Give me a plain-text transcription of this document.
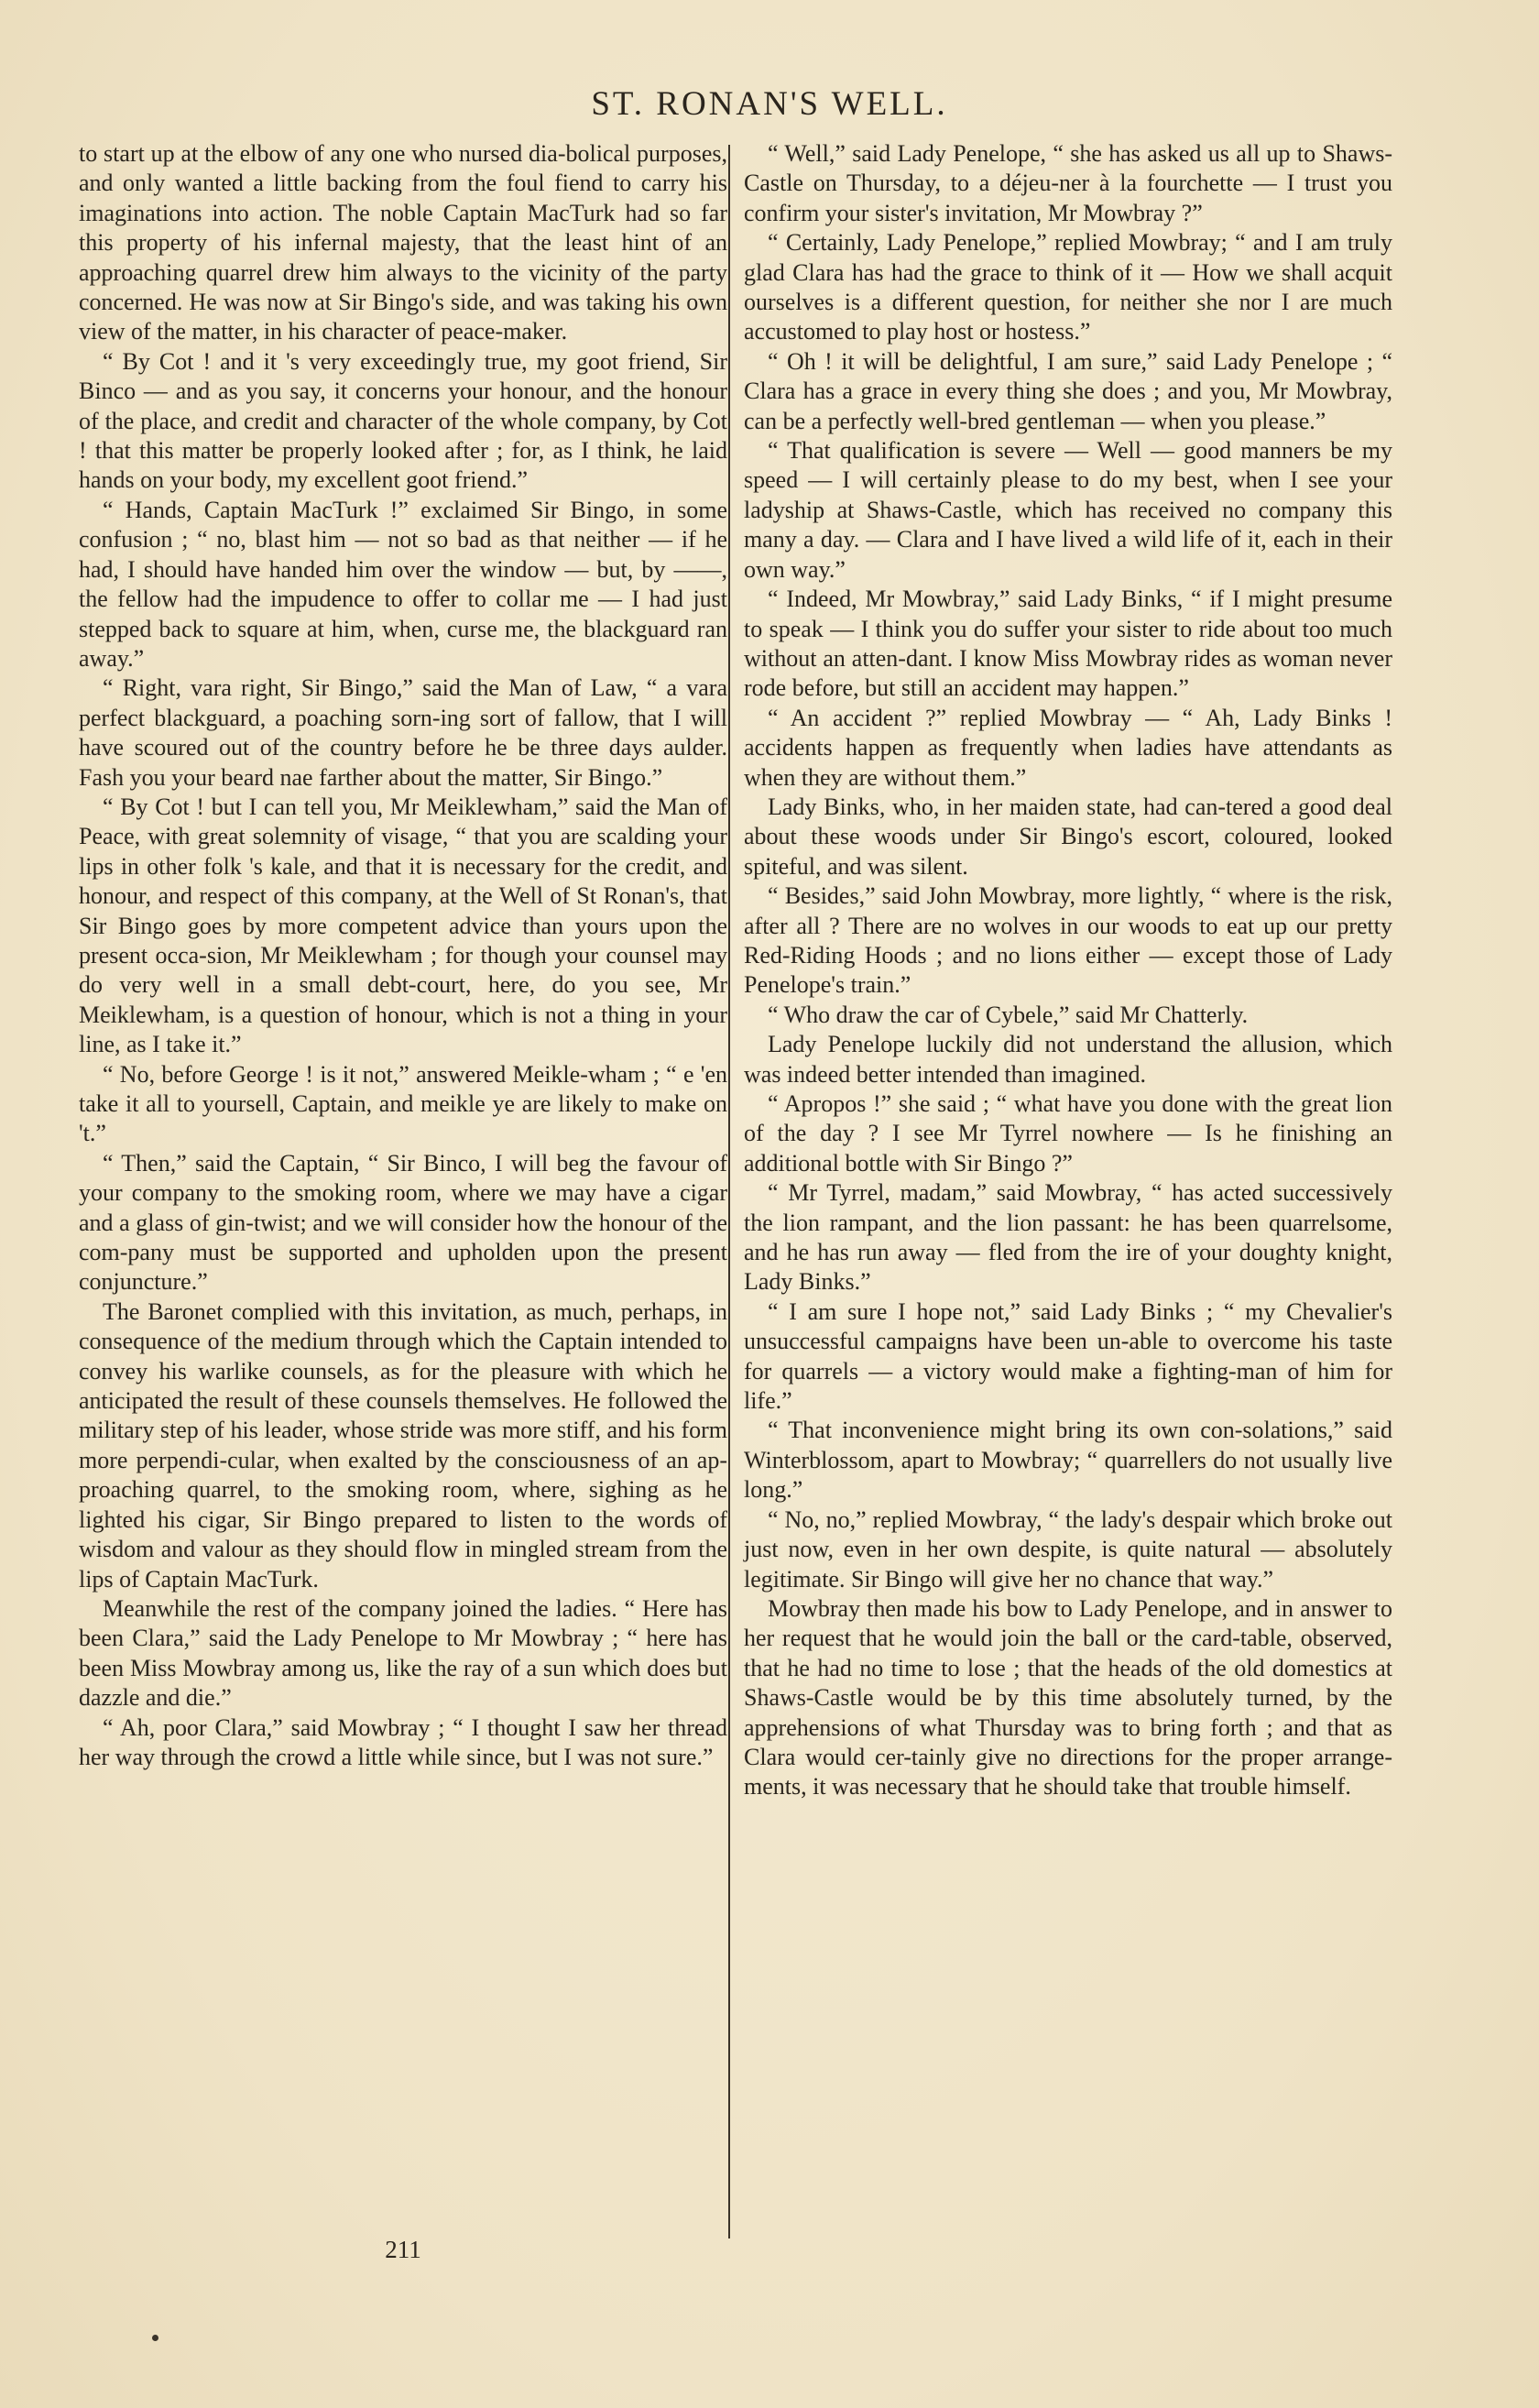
ST. RONAN'S WELL.

to start up at the elbow of any one who nursed dia-bolical purposes, and only wanted a little backing from the foul fiend to carry his imaginations into action. The noble Captain MacTurk had so far this property of his infernal majesty, that the least hint of an approaching quarrel drew him always to the vicinity of the party concerned. He was now at Sir Bingo's side, and was taking his own view of the matter, in his character of peace-maker.

“ By Cot ! and it 's very exceedingly true, my goot friend, Sir Binco — and as you say, it concerns your honour, and the honour of the place, and credit and character of the whole company, by Cot ! that this matter be properly looked after ; for, as I think, he laid hands on your body, my excellent goot friend.”

“ Hands, Captain MacTurk !” exclaimed Sir Bingo, in some confusion ; “ no, blast him — not so bad as that neither — if he had, I should have handed him over the window — but, by ——, the fellow had the impudence to offer to collar me — I had just stepped back to square at him, when, curse me, the blackguard ran away.”

“ Right, vara right, Sir Bingo,” said the Man of Law, “ a vara perfect blackguard, a poaching sorn-ing sort of fallow, that I will have scoured out of the country before he be three days aulder. Fash you your beard nae farther about the matter, Sir Bingo.”

“ By Cot ! but I can tell you, Mr Meiklewham,” said the Man of Peace, with great solemnity of visage, “ that you are scalding your lips in other folk 's kale, and that it is necessary for the credit, and honour, and respect of this company, at the Well of St Ronan's, that Sir Bingo goes by more competent advice than yours upon the present occa-sion, Mr Meiklewham ; for though your counsel may do very well in a small debt-court, here, do you see, Mr Meiklewham, is a question of honour, which is not a thing in your line, as I take it.”

“ No, before George ! is it not,” answered Meikle-wham ; “ e 'en take it all to yoursell, Captain, and meikle ye are likely to make on 't.”

“ Then,” said the Captain, “ Sir Binco, I will beg the favour of your company to the smoking room, where we may have a cigar and a glass of gin-twist; and we will consider how the honour of the com-pany must be supported and upholden upon the present conjuncture.”

The Baronet complied with this invitation, as much, perhaps, in consequence of the medium through which the Captain intended to convey his warlike counsels, as for the pleasure with which he anticipated the result of these counsels themselves. He followed the military step of his leader, whose stride was more stiff, and his form more perpendi-cular, when exalted by the consciousness of an ap-proaching quarrel, to the smoking room, where, sighing as he lighted his cigar, Sir Bingo prepared to listen to the words of wisdom and valour as they should flow in mingled stream from the lips of Captain MacTurk.

Meanwhile the rest of the company joined the ladies. “ Here has been Clara,” said the Lady Penelope to Mr Mowbray ; “ here has been Miss Mowbray among us, like the ray of a sun which does but dazzle and die.”

“ Ah, poor Clara,” said Mowbray ; “ I thought I saw her thread her way through the crowd a little while since, but I was not sure.”

“ Well,” said Lady Penelope, “ she has asked us all up to Shaws-Castle on Thursday, to a déjeu-ner à la fourchette — I trust you confirm your sister's invitation, Mr Mowbray ?”

“ Certainly, Lady Penelope,” replied Mowbray; “ and I am truly glad Clara has had the grace to think of it — How we shall acquit ourselves is a different question, for neither she nor I are much accustomed to play host or hostess.”

“ Oh ! it will be delightful, I am sure,” said Lady Penelope ; “ Clara has a grace in every thing she does ; and you, Mr Mowbray, can be a perfectly well-bred gentleman — when you please.”

“ That qualification is severe — Well — good manners be my speed — I will certainly please to do my best, when I see your ladyship at Shaws-Castle, which has received no company this many a day. — Clara and I have lived a wild life of it, each in their own way.”

“ Indeed, Mr Mowbray,” said Lady Binks, “ if I might presume to speak — I think you do suffer your sister to ride about too much without an atten-dant. I know Miss Mowbray rides as woman never rode before, but still an accident may happen.”

“ An accident ?” replied Mowbray — “ Ah, Lady Binks ! accidents happen as frequently when ladies have attendants as when they are without them.”

Lady Binks, who, in her maiden state, had can-tered a good deal about these woods under Sir Bingo's escort, coloured, looked spiteful, and was silent.

“ Besides,” said John Mowbray, more lightly, “ where is the risk, after all ? There are no wolves in our woods to eat up our pretty Red-Riding Hoods ; and no lions either — except those of Lady Penelope's train.”

“ Who draw the car of Cybele,” said Mr Chatterly.

Lady Penelope luckily did not understand the allusion, which was indeed better intended than imagined.

“ Apropos !” she said ; “ what have you done with the great lion of the day ? I see Mr Tyrrel nowhere — Is he finishing an additional bottle with Sir Bingo ?”

“ Mr Tyrrel, madam,” said Mowbray, “ has acted successively the lion rampant, and the lion passant: he has been quarrelsome, and he has run away — fled from the ire of your doughty knight, Lady Binks.”

“ I am sure I hope not,” said Lady Binks ; “ my Chevalier's unsuccessful campaigns have been un-able to overcome his taste for quarrels — a victory would make a fighting-man of him for life.”

“ That inconvenience might bring its own con-solations,” said Winterblossom, apart to Mowbray; “ quarrellers do not usually live long.”

“ No, no,” replied Mowbray, “ the lady's despair which broke out just now, even in her own despite, is quite natural — absolutely legitimate. Sir Bingo will give her no chance that way.”

Mowbray then made his bow to Lady Penelope, and in answer to her request that he would join the ball or the card-table, observed, that he had no time to lose ; that the heads of the old domestics at Shaws-Castle would be by this time absolutely turned, by the apprehensions of what Thursday was to bring forth ; and that as Clara would cer-tainly give no directions for the proper arrange-ments, it was necessary that he should take that trouble himself.

211
